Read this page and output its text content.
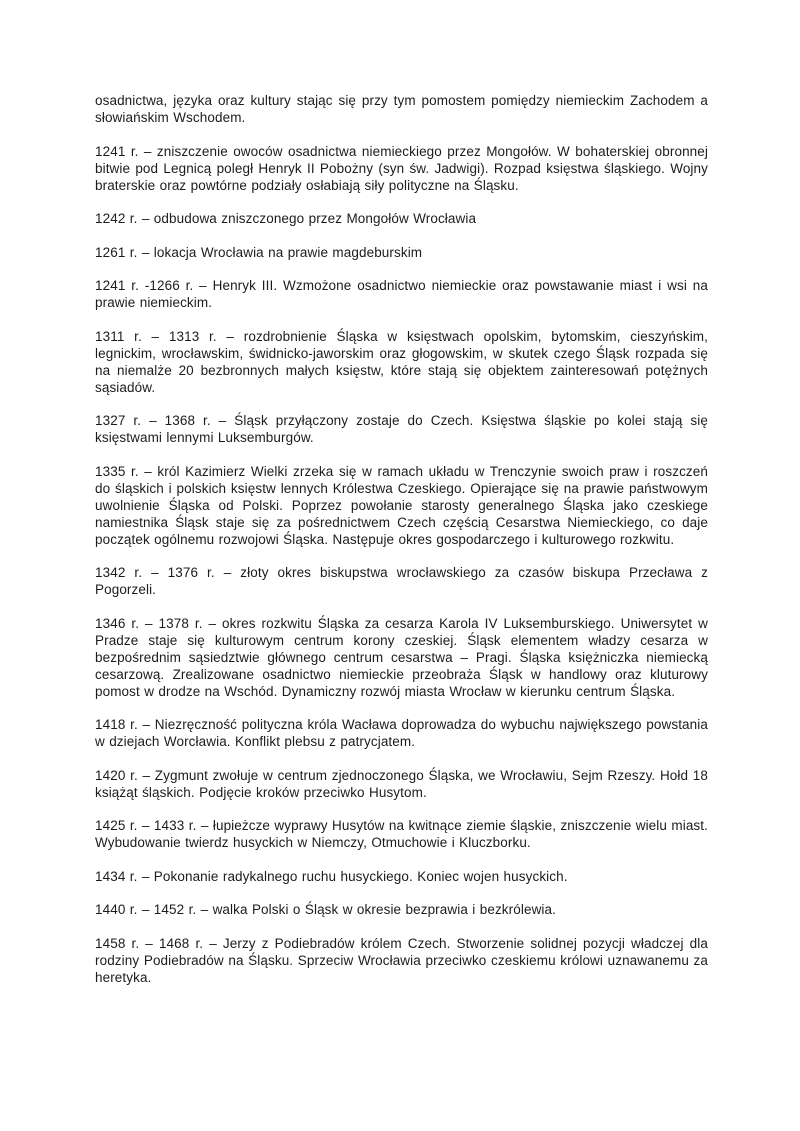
osadnictwa, języka oraz kultury stając się przy tym pomostem pomiędzy niemieckim Zachodem a słowiańskim Wschodem.

1241 r. – zniszczenie owoców osadnictwa niemieckiego przez Mongołów. W bohaterskiej obronnej bitwie pod Legnicą poległ Henryk II Pobożny (syn św. Jadwigi). Rozpad księstwa śląskiego. Wojny braterskie oraz powtórne podziały osłabiają siły polityczne na Śląsku.

1242 r. – odbudowa zniszczonego przez Mongołów Wrocławia

1261 r. – lokacja Wrocławia na prawie magdeburskim

1241 r. -1266 r. – Henryk III. Wzmożone osadnictwo niemieckie oraz powstawanie miast i wsi na prawie niemieckim.

1311 r. – 1313 r. – rozdrobnienie Śląska w księstwach opolskim, bytomskim, cieszyńskim, legnickim, wrocławskim, świdnicko-jaworskim oraz głogowskim, w skutek czego Śląsk rozpada się na niemalże 20 bezbronnych małych księstw, które stają się objektem zainteresowań potężnych sąsiadów.

1327 r. – 1368 r. – Śląsk przyłączony zostaje do Czech. Księstwa śląskie po kolei stają się księstwami lennymi Luksemburgów.

1335 r. – król Kazimierz Wielki zrzeka się w ramach układu w Trenczynie swoich praw i roszczeń do śląskich i polskich księstw lennych Królestwa Czeskiego. Opierające się na prawie państwowym uwolnienie Śląska od Polski. Poprzez powołanie starosty generalnego Śląska jako czeskiege namiestnika Śląsk staje się za pośrednictwem Czech częścią Cesarstwa Niemieckiego, co daje początek ogólnemu rozwojowi Śląska. Następuje okres gospodarczego i kulturowego rozkwitu.

1342 r. – 1376 r. – złoty okres biskupstwa wrocławskiego za czasów biskupa Przecława z Pogorzeli.

1346 r. – 1378 r. – okres rozkwitu Śląska za cesarza Karola IV Luksemburskiego. Uniwersytet w Pradze staje się kulturowym centrum korony czeskiej. Śląsk elementem władzy cesarza w bezpośrednim sąsiedztwie głównego centrum cesarstwa – Pragi. Śląska księżniczka niemiecką cesarzową. Zrealizowane osadnictwo niemieckie przeobraża Śląsk w handlowy oraz kluturowy pomost w drodze na Wschód. Dynamiczny rozwój miasta Wrocław w kierunku centrum Śląska.

1418 r. – Niezręczność polityczna króla Wacława doprowadza do wybuchu największego powstania w dziejach Worcławia. Konflikt plebsu z patrycjatem.

1420 r. – Zygmunt zwołuje w centrum zjednoczonego Śląska, we Wrocławiu, Sejm Rzeszy. Hołd 18 książąt śląskich. Podjęcie kroków przeciwko Husytom.

1425 r. – 1433 r. – łupieżcze wyprawy Husytów na kwitnące ziemie śląskie, zniszczenie wielu miast. Wybudowanie twierdz husyckich w Niemczy, Otmuchowie i Kluczborku.

1434 r. – Pokonanie radykalnego ruchu husyckiego. Koniec wojen husyckich.

1440 r. – 1452 r. – walka Polski o Śląsk w okresie bezprawia i bezkrólewia.

1458 r. – 1468 r. – Jerzy z Podiebradów królem Czech. Stworzenie solidnej pozycji władczej dla rodziny Podiebradów na Śląsku. Sprzeciw Wrocławia przeciwko czeskiemu królowi uznawanemu za heretyka.
